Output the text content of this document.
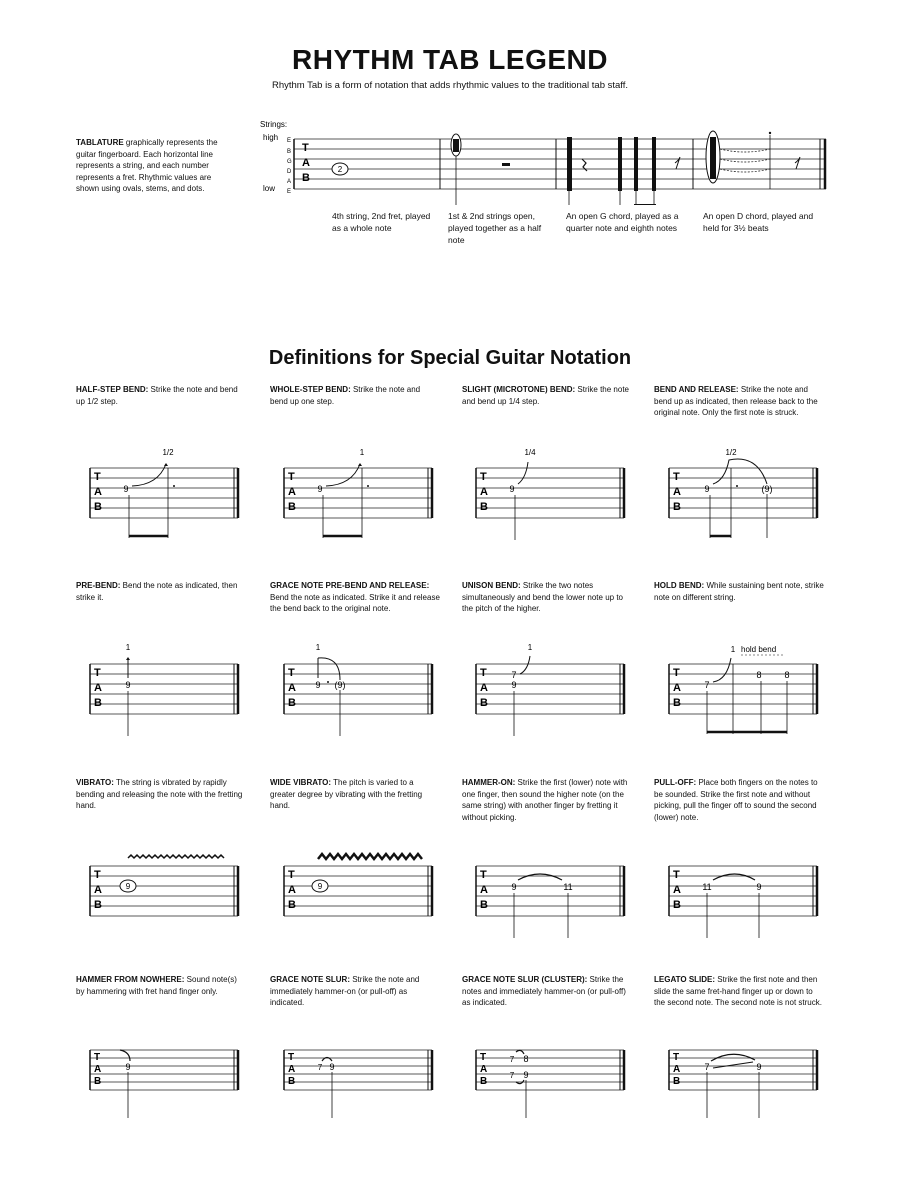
RHYTHM TAB LEGEND
Rhythm Tab is a form of notation that adds rhythmic values to the traditional tab staff.
TABLATURE graphically represents the guitar fingerboard. Each horizontal line represents a string, and each number represents a fret. Rhythmic values are shown using ovals, stems, and dots.
Strings:
high
low
E
B
G
D
A
E
T
A
B
2
4th string, 2nd fret, played as a whole note
1st & 2nd strings open, played together as a half note
An open G chord, played as a quarter note and eighth notes
An open D chord, played and held for 3½ beats
Definitions for Special Guitar Notation
HALF-STEP BEND: Strike the note and bend up 1/2 step.
WHOLE-STEP BEND: Strike the note and bend up one step.
SLIGHT (MICROTONE) BEND: Strike the note and bend up 1/4 step.
BEND AND RELEASE: Strike the note and bend up as indicated, then release back to the original note. Only the first note is struck.
PRE-BEND: Bend the note as indicated, then strike it.
GRACE NOTE PRE-BEND AND RELEASE: Bend the note as indicated. Strike it and release the bend back to the original note.
UNISON BEND: Strike the two notes simultaneously and bend the lower note up to the pitch of the higher.
HOLD BEND: While sustaining bent note, strike note on different string.
VIBRATO: The string is vibrated by rapidly bending and releasing the note with the fretting hand.
WIDE VIBRATO: The pitch is varied to a greater degree by vibrating with the fretting hand.
HAMMER-ON: Strike the first (lower) note with one finger, then sound the higher note (on the same string) with another finger by fretting it without picking.
PULL-OFF: Place both fingers on the notes to be sounded. Strike the first note and without picking, pull the finger off to sound the second (lower) note.
HAMMER FROM NOWHERE: Sound note(s) by hammering with fret hand finger only.
GRACE NOTE SLUR: Strike the note and immediately hammer-on (or pull-off) as indicated.
GRACE NOTE SLUR (CLUSTER): Strike the notes and immediately hammer-on (or pull-off) as indicated.
LEGATO SLIDE: Strike the first note and then slide the same fret-hand finger up or down to the second note. The second note is not struck.
T
A
B
9
1/2
T
A
B
9
1
T
A
B
9
1/4
T
A
B
9
1/2
(9)
T
A
B
9
1
T
A
B
9
1
(9)
T
A
B
7
9
1
T
A
B
7
1 hold bend
8	8
T
A
B
9
T
A
B
9
T
A
B
9	11
T
A
B
11	9
T
A
B
9
T
A
B
7 9
T
A
B
7
7
8
9
T
A
B
7	9
